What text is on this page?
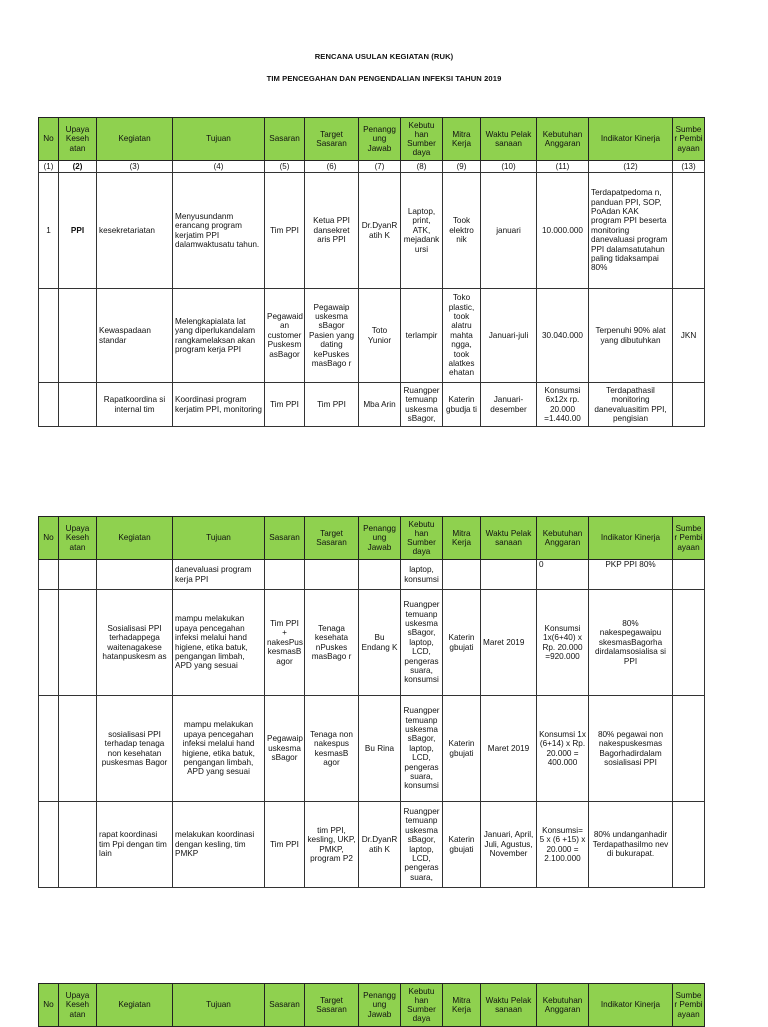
RENCANA USULAN KEGIATAN (RUK)
TIM PENCEGAHAN DAN PENGENDALIAN INFEKSI TAHUN 2019
No	Upaya Keseh atan	Kegiatan	Tujuan	Sasaran	Target Sasaran	Penangg ung Jawab	Kebutu han Sumber daya	Mitra Kerja	Waktu Pelak sanaan	Kebutuhan Anggaran	Indikator Kinerja	Sumbe r Pembi ayaan
(1)	(2)	(3)	(4)	(5)	(6)	(7)	(8)	(9)	(10)	(11)	(12)	(13)
1	PPI	kesekretariatan	Menyusundanm erancang program kerjatim PPI dalamwaktusatu tahun.	Tim PPI	Ketua PPI dansekret aris PPI	Dr.DyanR atih K	Laptop, print, ATK, mejadank ursi	Took elektro nik	januari	10.000.000	Terdapatpedoma n, panduan PPI, SOP, PoAdan KAK program PPI beserta monitoring danevaluasi program PPI dalamsatutahun paling tidaksampai 80%	
		Kewaspadaan standar	Melengkapialata lat yang diperlukandalam rangkamelaksan akan program kerja PPI	Pegawaid an customer Puskesm asBagor	Pegawaip uskesma sBagor Pasien yang dating kePuskes masBago r	Toto Yunior	terlampir	Toko plastic, took alatru mahta ngga, took alatkes ehatan	Januari-juli	30.040.000	Terpenuhi 90% alat yang dibutuhkan	JKN
		Rapatkoordina si internal tim	Koordinasi program kerjatim PPI, monitoring	Tim PPI	Tim PPI	Mba Arin	Ruangper temuanp uskesma sBagor,	Katerin gbudja ti	Januari-desember	Konsumsi 6x12x rp. 20.000 =1.440.00	Terdapathasil monitoring danevaluasitim PPI, pengisian	
No	Upaya Keseh atan	Kegiatan	Tujuan	Sasaran	Target Sasaran	Penangg ung Jawab	Kebutu han Sumber daya	Mitra Kerja	Waktu Pelak sanaan	Kebutuhan Anggaran	Indikator Kinerja	Sumbe r Pembi ayaan
			danevaluasi program kerja PPI				laptop, konsumsi			0	PKP PPI 80%	
		Sosialisasi PPI terhadappega waitenagakese hatanpuskesm as	mampu melakukan upaya pencegahan infeksi melalui hand higiene, etika batuk, pengangan limbah, APD yang sesuai	Tim PPI + nakesPus kesmasB agor	Tenaga kesehata nPuskes masBago r	Bu Endang K	Ruangper temuanp uskesma sBagor, laptop, LCD, pengeras suara, konsumsi	Katerin gbujati	Maret 2019	Konsumsi 1x(6+40) x Rp. 20.000 =920.000	80% nakespegawaipu skesmasBagorha dirdalamsosialisa si PPI	
		sosialisasi PPI terhadap tenaga non kesehatan puskesmas Bagor	mampu melakukan upaya pencegahan infeksi melalui hand higiene, etika batuk, pengangan limbah, APD yang sesuai	Pegawaip uskesma sBagor	Tenaga non nakespus kesmasB agor	Bu Rina	Ruangper temuanp uskesma sBagor, laptop, LCD, pengeras suara, konsumsi	Katerin gbujati	Maret 2019	Konsumsi 1x (6+14) x Rp. 20.000 = 400.000	80% pegawai non nakespuskesmas Bagorhadirdalam sosialisasi PPI	
		rapat koordinasi tim Ppi dengan tim lain	melakukan koordinasi dengan kesling, tim PMKP	Tim PPI	tim PPI, kesling, UKP, PMKP, program P2	Dr.DyanR atih K	Ruangper temuanp uskesma sBagor, laptop, LCD, pengeras suara,	Katerin gbujati	Januari, April, Juli, Agustus, November	Konsumsi= 5 x (6 +15) x 20.000 = 2.100.000	80% undanganhadir Terdapathasilmo nev di bukurapat.	
No	Upaya Keseh atan	Kegiatan	Tujuan	Sasaran	Target Sasaran	Penangg ung Jawab	Kebutu han Sumber daya	Mitra Kerja	Waktu Pelak sanaan	Kebutuhan Anggaran	Indikator Kinerja	Sumbe r Pembi ayaan
